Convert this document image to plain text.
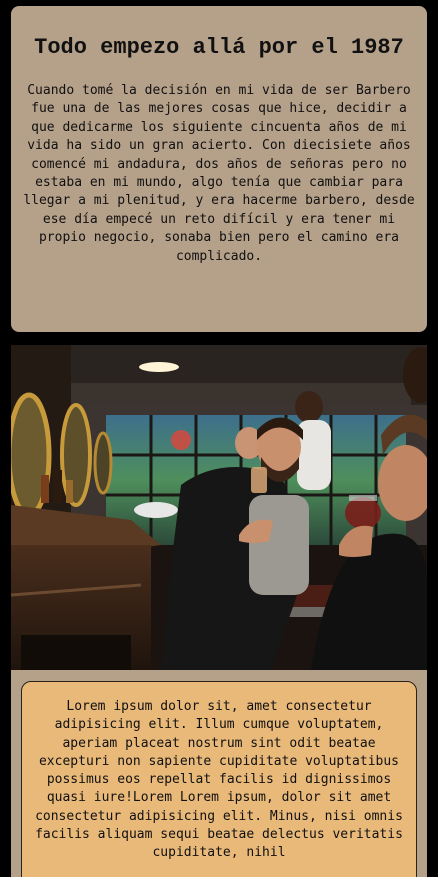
Todo empezo allá por el 1987

Cuando tomé la decisión en mi vida de ser Barbero fue una de las mejores cosas que hice, decidir a que dedicarme los siguiente cincuenta años de mi vida ha sido un gran acierto. Con diecisiete años comencé mi andadura, dos años de señoras pero no estaba en mi mundo, algo tenía que cambiar para llegar a mi plenitud, y era hacerme barbero, desde ese día empecé un reto difícil y era tener mi propio negocio, sonaba bien pero el camino era complicado.

Lorem ipsum dolor sit, amet consectetur adipisicing elit. Illum cumque voluptatem, aperiam placeat nostrum sint odit beatae excepturi non sapiente cupiditate voluptatibus possimus eos repellat facilis id dignissimos quasi iure!Lorem Lorem ipsum, dolor sit amet consectetur adipisicing elit. Minus, nisi omnis facilis aliquam sequi beatae delectus veritatis cupiditate, nihil
